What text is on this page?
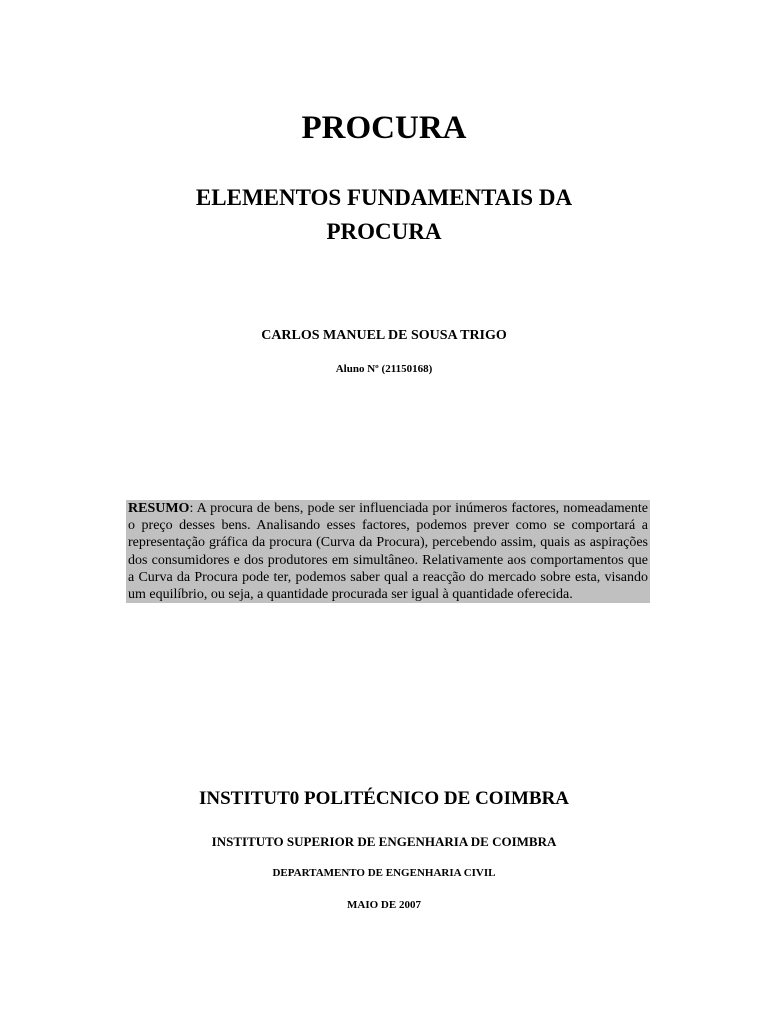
PROCURA
ELEMENTOS FUNDAMENTAIS DA PROCURA
CARLOS MANUEL DE SOUSA TRIGO
Aluno Nº (21150168)
RESUMO: A procura de bens, pode ser influenciada por inúmeros factores, nomeadamente o preço desses bens. Analisando esses factores, podemos prever como se comportará a representação gráfica da procura (Curva da Procura), percebendo assim, quais as aspirações dos consumidores e dos produtores em simultâneo. Relativamente aos comportamentos que a Curva da Procura pode ter, podemos saber qual a reacção do mercado sobre esta, visando um equilíbrio, ou seja, a quantidade procurada ser igual à quantidade oferecida.
INSTITUT0 POLITÉCNICO DE COIMBRA
INSTITUTO SUPERIOR DE ENGENHARIA DE COIMBRA
DEPARTAMENTO DE ENGENHARIA CIVIL
MAIO DE 2007
